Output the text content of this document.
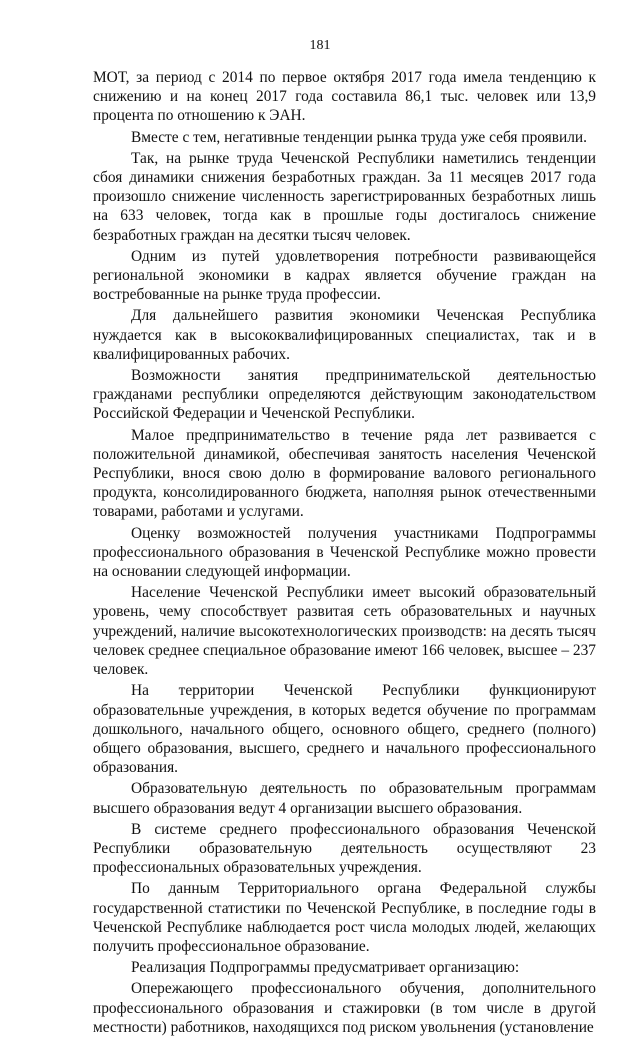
181

МОТ, за период с 2014 по первое октября 2017 года имела тенденцию к снижению и на конец 2017 года составила 86,1 тыс. человек или 13,9 процента по отношению к ЭАН.

Вместе с тем, негативные тенденции рынка труда уже себя проявили.

Так, на рынке труда Чеченской Республики наметились тенденции сбоя динамики снижения безработных граждан. За 11 месяцев 2017 года произошло снижение численность зарегистрированных безработных лишь на 633 человек, тогда как в прошлые годы достигалось снижение безработных граждан на десятки тысяч человек.

Одним из путей удовлетворения потребности развивающейся региональной экономики в кадрах является обучение граждан на востребованные на рынке труда профессии.

Для дальнейшего развития экономики Чеченская Республика нуждается как в высококвалифицированных специалистах, так и в квалифицированных рабочих.

Возможности занятия предпринимательской деятельностью гражданами республики определяются действующим законодательством Российской Федерации и Чеченской Республики.

Малое предпринимательство в течение ряда лет развивается с положительной динамикой, обеспечивая занятость населения Чеченской Республики, внося свою долю в формирование валового регионального продукта, консолидированного бюджета, наполняя рынок отечественными товарами, работами и услугами.

Оценку возможностей получения участниками Подпрограммы профессионального образования в Чеченской Республике можно провести на основании следующей информации.

Население Чеченской Республики имеет высокий образовательный уровень, чему способствует развитая сеть образовательных и научных учреждений, наличие высокотехнологических производств: на десять тысяч человек среднее специальное образование имеют 166 человек, высшее – 237 человек.

На территории Чеченской Республики функционируют образовательные учреждения, в которых ведется обучение по программам дошкольного, начального общего, основного общего, среднего (полного) общего образования, высшего, среднего и начального профессионального образования.

Образовательную деятельность по образовательным программам высшего образования ведут 4 организации высшего образования.

В системе среднего профессионального образования Чеченской Республики образовательную деятельность осуществляют 23 профессиональных образовательных учреждения.

По данным Территориального органа Федеральной службы государственной статистики по Чеченской Республике, в последние годы в Чеченской Республике наблюдается рост числа молодых людей, желающих получить профессиональное образование.

Реализация Подпрограммы предусматривает организацию:

Опережающего профессионального обучения, дополнительного профессионального образования и стажировки (в том числе в другой местности) работников, находящихся под риском увольнения (установление
